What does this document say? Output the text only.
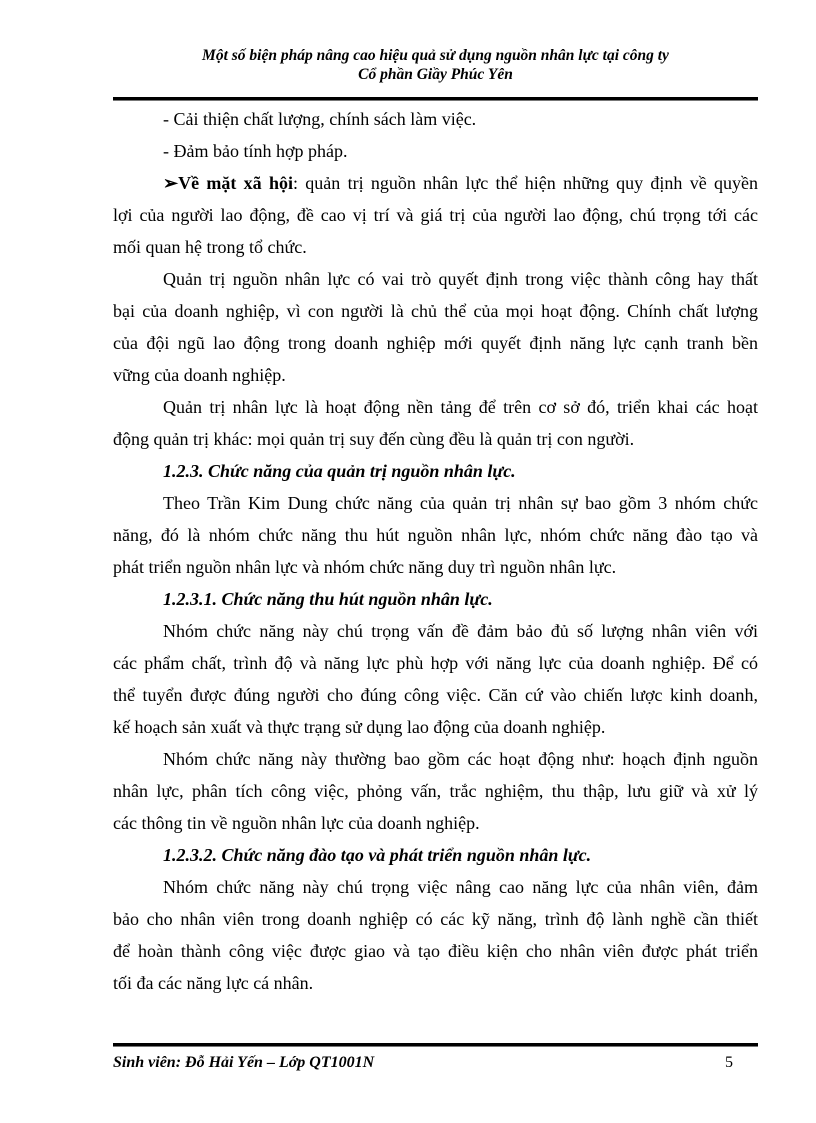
Một số biện pháp nâng cao hiệu quả sử dụng nguồn nhân lực tại công ty
Cổ phần Giầy Phúc Yên
- Cải thiện chất lượng, chính sách làm việc.
- Đảm bảo tính hợp pháp.
➢Về mặt xã hội: quản trị nguồn nhân lực thể hiện những quy định về quyền
lợi của người lao động, đề cao vị trí và giá trị của người lao động, chú trọng tới các
mối quan hệ trong tổ chức.
Quản trị nguồn nhân lực có vai trò quyết định trong việc thành công hay thất
bại của doanh nghiệp, vì con người là chủ thể của mọi hoạt động. Chính chất lượng
của đội ngũ lao động trong doanh nghiệp mới quyết định năng lực cạnh tranh bền
vững của doanh nghiệp.
Quản trị nhân lực là hoạt động nền tảng để trên cơ sở đó, triển khai các hoạt
động quản trị khác: mọi quản trị suy đến cùng đều là quản trị con người.
1.2.3. Chức năng của quản trị nguồn nhân lực.
Theo Trần Kim Dung chức năng của quản trị nhân sự bao gồm 3 nhóm chức
năng, đó là nhóm chức năng thu hút nguồn nhân lực, nhóm chức năng đào tạo và
phát triển nguồn nhân lực và nhóm chức năng duy trì nguồn nhân lực.
1.2.3.1. Chức năng thu hút nguồn nhân lực.
Nhóm chức năng này chú trọng vấn đề đảm bảo đủ số lượng nhân viên với
các phẩm chất, trình độ và năng lực phù hợp với năng lực của doanh nghiệp. Để có
thể tuyển được đúng người cho đúng công việc. Căn cứ vào chiến lược kinh doanh,
kế hoạch sản xuất và thực trạng sử dụng lao động của doanh nghiệp.
Nhóm chức năng này thường bao gồm các hoạt động như: hoạch định nguồn
nhân lực, phân tích công việc, phỏng vấn, trắc nghiệm, thu thập, lưu giữ và xử lý
các thông tin về nguồn nhân lực của doanh nghiệp.
1.2.3.2. Chức năng đào tạo và phát triển nguồn nhân lực.
Nhóm chức năng này chú trọng việc nâng cao năng lực của nhân viên, đảm
bảo cho nhân viên trong doanh nghiệp có các kỹ năng, trình độ lành nghề cần thiết
để hoàn thành công việc được giao và tạo điều kiện cho nhân viên được phát triển
tối đa các năng lực cá nhân.
Sinh viên: Đỗ Hải Yến – Lớp QT1001N	5
